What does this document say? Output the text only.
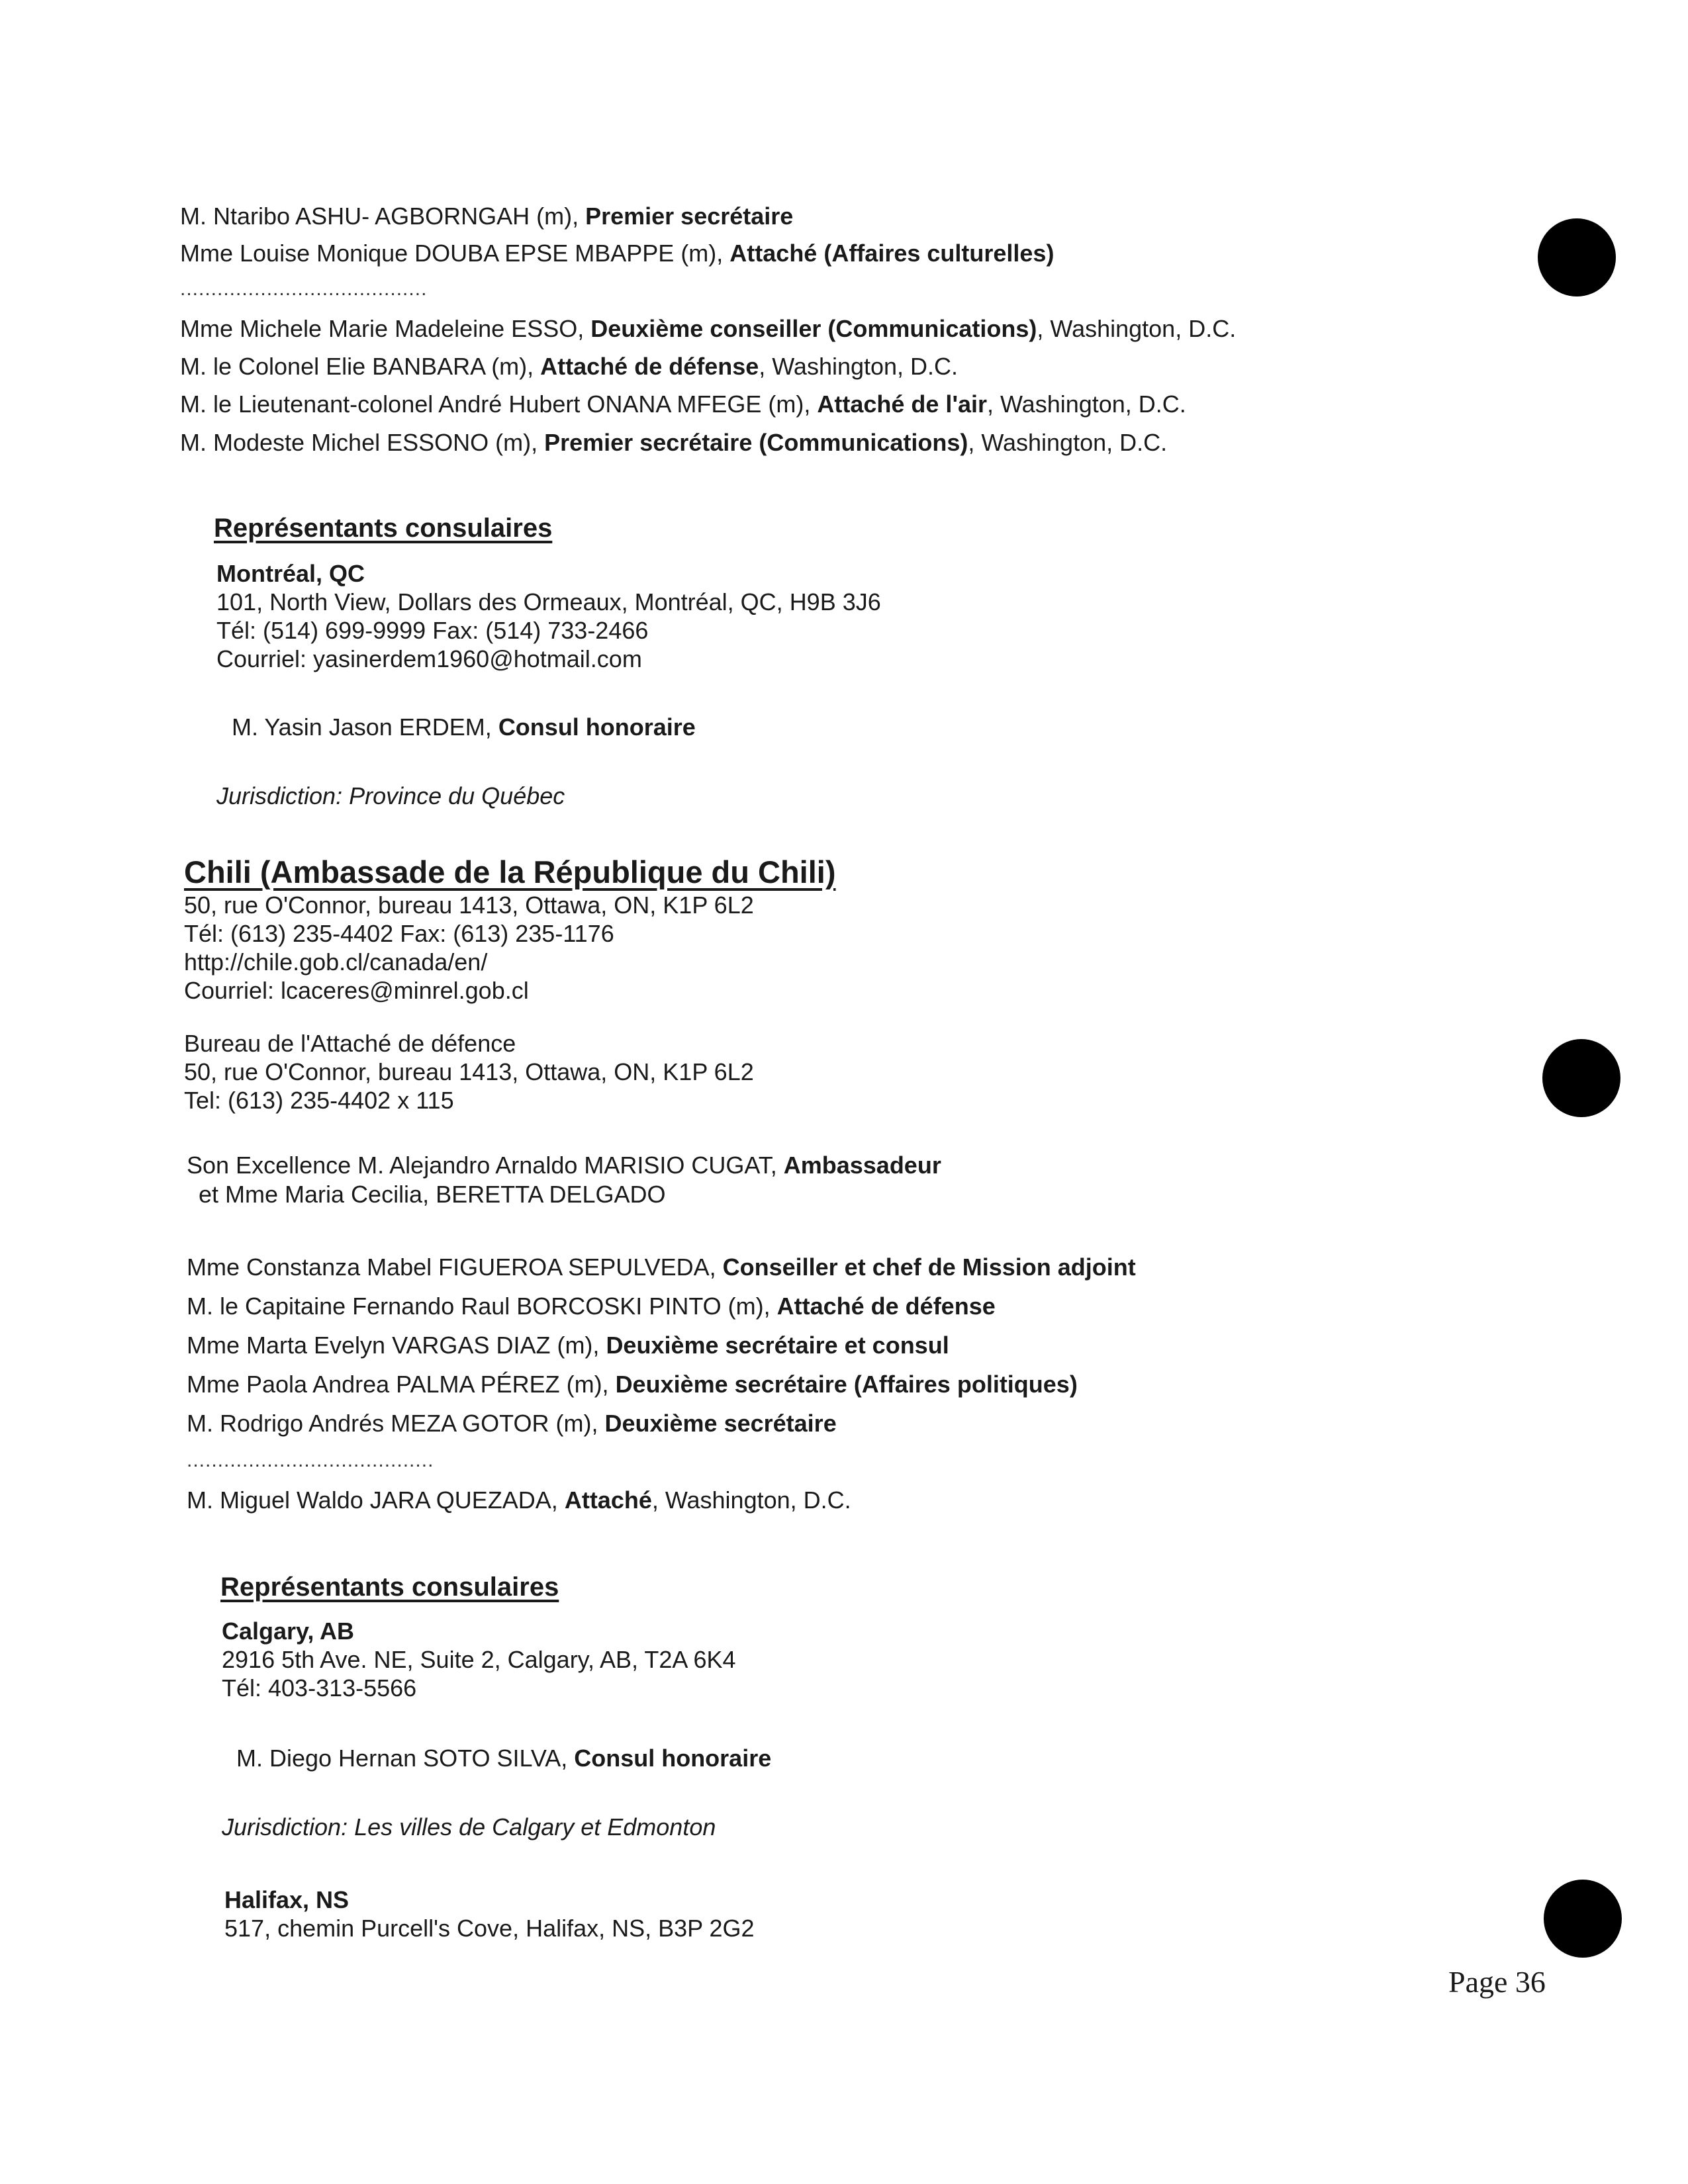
M. Ntaribo ASHU- AGBORNGAH (m), Premier secrétaire
Mme Louise Monique DOUBA EPSE MBAPPE (m), Attaché (Affaires culturelles)
........................................
Mme Michele Marie Madeleine ESSO, Deuxième conseiller (Communications), Washington, D.C.
M. le Colonel Elie BANBARA (m), Attaché de défense, Washington, D.C.
M. le Lieutenant-colonel André Hubert ONANA MFEGE (m), Attaché de l'air, Washington, D.C.
M. Modeste Michel ESSONO (m), Premier secrétaire (Communications), Washington, D.C.
Représentants consulaires
Montréal, QC
101, North View, Dollars des Ormeaux, Montréal, QC, H9B 3J6
Tél: (514) 699-9999 Fax: (514) 733-2466
Courriel: yasinerdem1960@hotmail.com
M. Yasin Jason ERDEM, Consul honoraire
Jurisdiction: Province du Québec
Chili (Ambassade de la République du Chili)
50, rue O'Connor, bureau 1413, Ottawa, ON, K1P 6L2
Tél: (613) 235-4402 Fax: (613) 235-1176
http://chile.gob.cl/canada/en/
Courriel: lcaceres@minrel.gob.cl
Bureau de l'Attaché de défence
50, rue O'Connor, bureau 1413, Ottawa, ON, K1P 6L2
Tel: (613) 235-4402 x 115
Son Excellence M. Alejandro Arnaldo MARISIO CUGAT, Ambassadeur
et Mme Maria Cecilia, BERETTA DELGADO
Mme Constanza Mabel FIGUEROA SEPULVEDA, Conseiller et chef de Mission adjoint
M. le Capitaine Fernando Raul BORCOSKI PINTO (m), Attaché de défense
Mme Marta Evelyn VARGAS DIAZ (m), Deuxième secrétaire et consul
Mme Paola Andrea PALMA PÉREZ (m), Deuxième secrétaire (Affaires politiques)
M. Rodrigo Andrés MEZA GOTOR (m), Deuxième secrétaire
........................................
M. Miguel Waldo JARA QUEZADA, Attaché, Washington, D.C.
Représentants consulaires
Calgary, AB
2916 5th Ave. NE, Suite 2, Calgary, AB, T2A 6K4
Tél: 403-313-5566
M. Diego Hernan SOTO SILVA, Consul honoraire
Jurisdiction: Les villes de Calgary et Edmonton
Halifax, NS
517, chemin Purcell's Cove, Halifax, NS, B3P 2G2
Page 36
